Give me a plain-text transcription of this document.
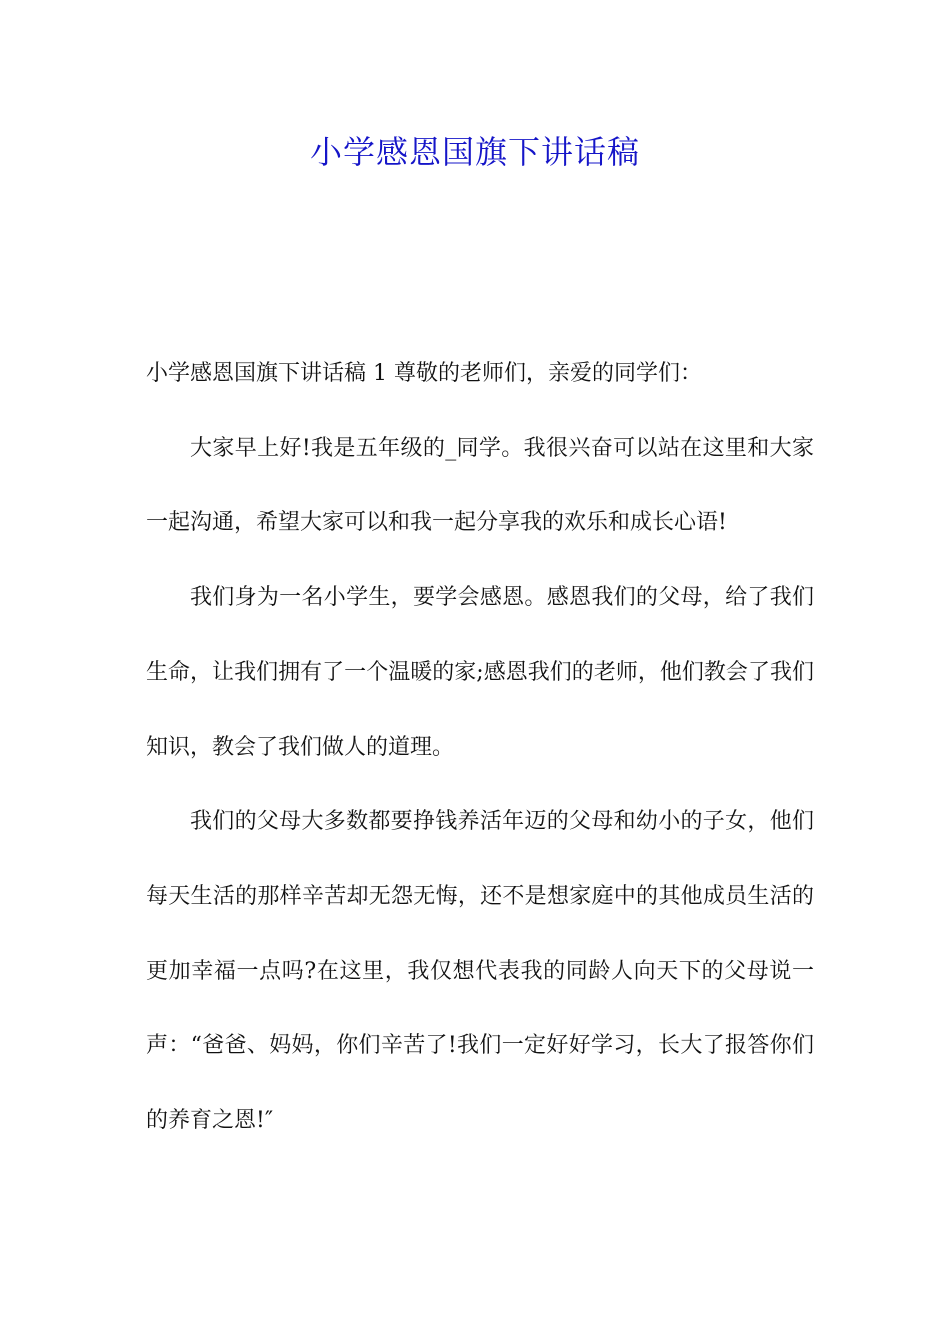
小学感恩国旗下讲话稿

小学感恩国旗下讲话稿 1 尊敬的老师们，亲爱的同学们：

大家早上好!我是五年级的_同学。我很兴奋可以站在这里和大家一起沟通，希望大家可以和我一起分享我的欢乐和成长心语!

我们身为一名小学生，要学会感恩。感恩我们的父母，给了我们生命，让我们拥有了一个温暖的家;感恩我们的老师，他们教会了我们知识，教会了我们做人的道理。

我们的父母大多数都要挣钱养活年迈的父母和幼小的子女，他们每天生活的那样辛苦却无怨无悔，还不是想家庭中的其他成员生活的更加幸福一点吗?在这里，我仅想代表我的同龄人向天下的父母说一声：“爸爸、妈妈，你们辛苦了!我们一定好好学习，长大了报答你们的养育之恩!″
